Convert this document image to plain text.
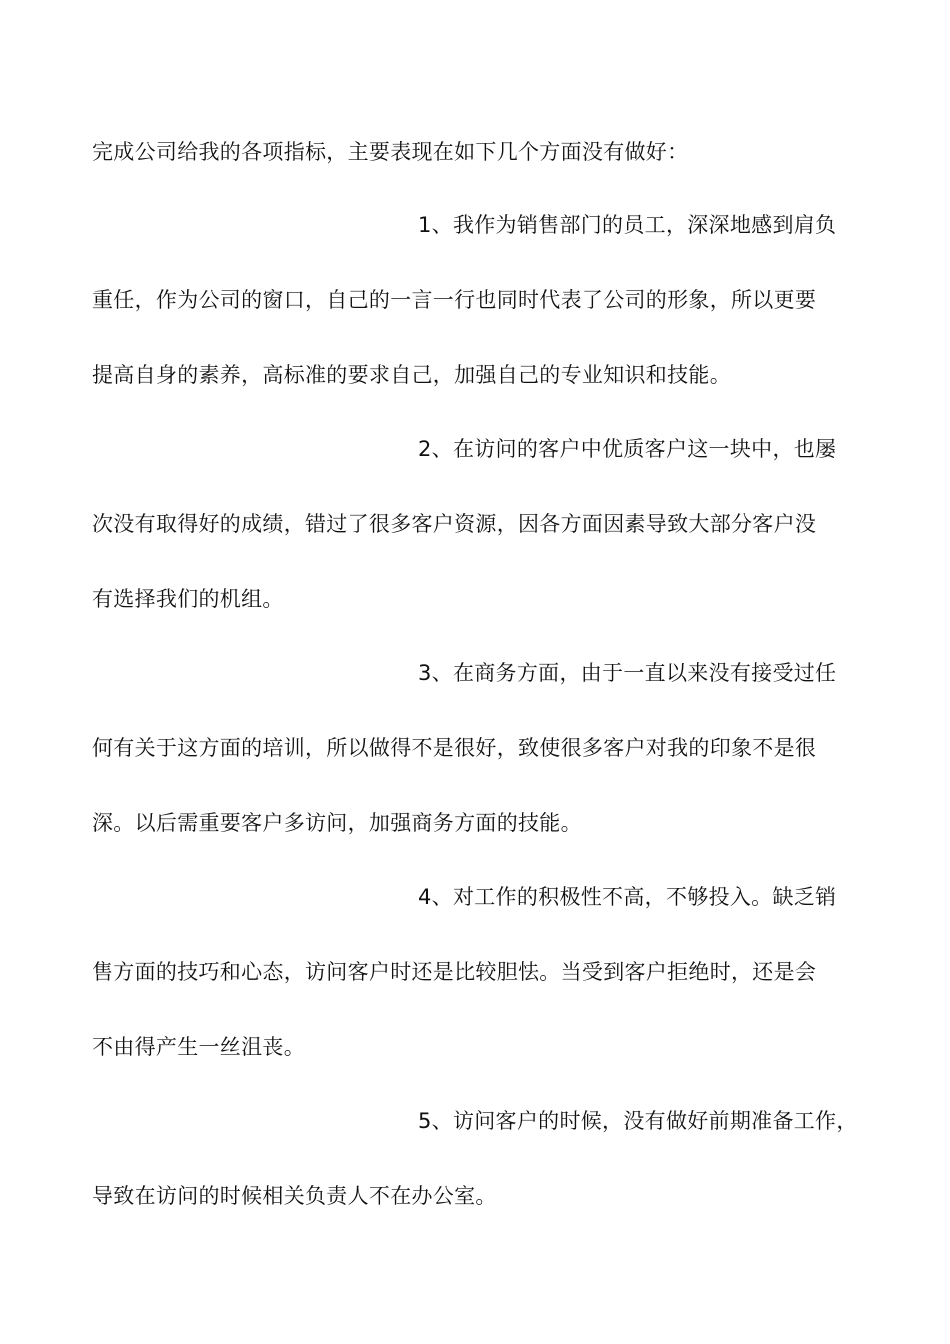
完成公司给我的各项指标，主要表现在如下几个方面没有做好：
1、我作为销售部门的员工，深深地感到肩负
重任，作为公司的窗口，自己的一言一行也同时代表了公司的形象，所以更要
提高自身的素养，高标准的要求自己，加强自己的专业知识和技能。
2、在访问的客户中优质客户这一块中，也屡
次没有取得好的成绩，错过了很多客户资源，因各方面因素导致大部分客户没
有选择我们的机组。
3、在商务方面，由于一直以来没有接受过任
何有关于这方面的培训，所以做得不是很好，致使很多客户对我的印象不是很
深。以后需重要客户多访问，加强商务方面的技能。
4、对工作的积极性不高，不够投入。缺乏销
售方面的技巧和心态，访问客户时还是比较胆怯。当受到客户拒绝时，还是会
不由得产生一丝沮丧。
5、访问客户的时候，没有做好前期准备工作，
导致在访问的时候相关负责人不在办公室。
